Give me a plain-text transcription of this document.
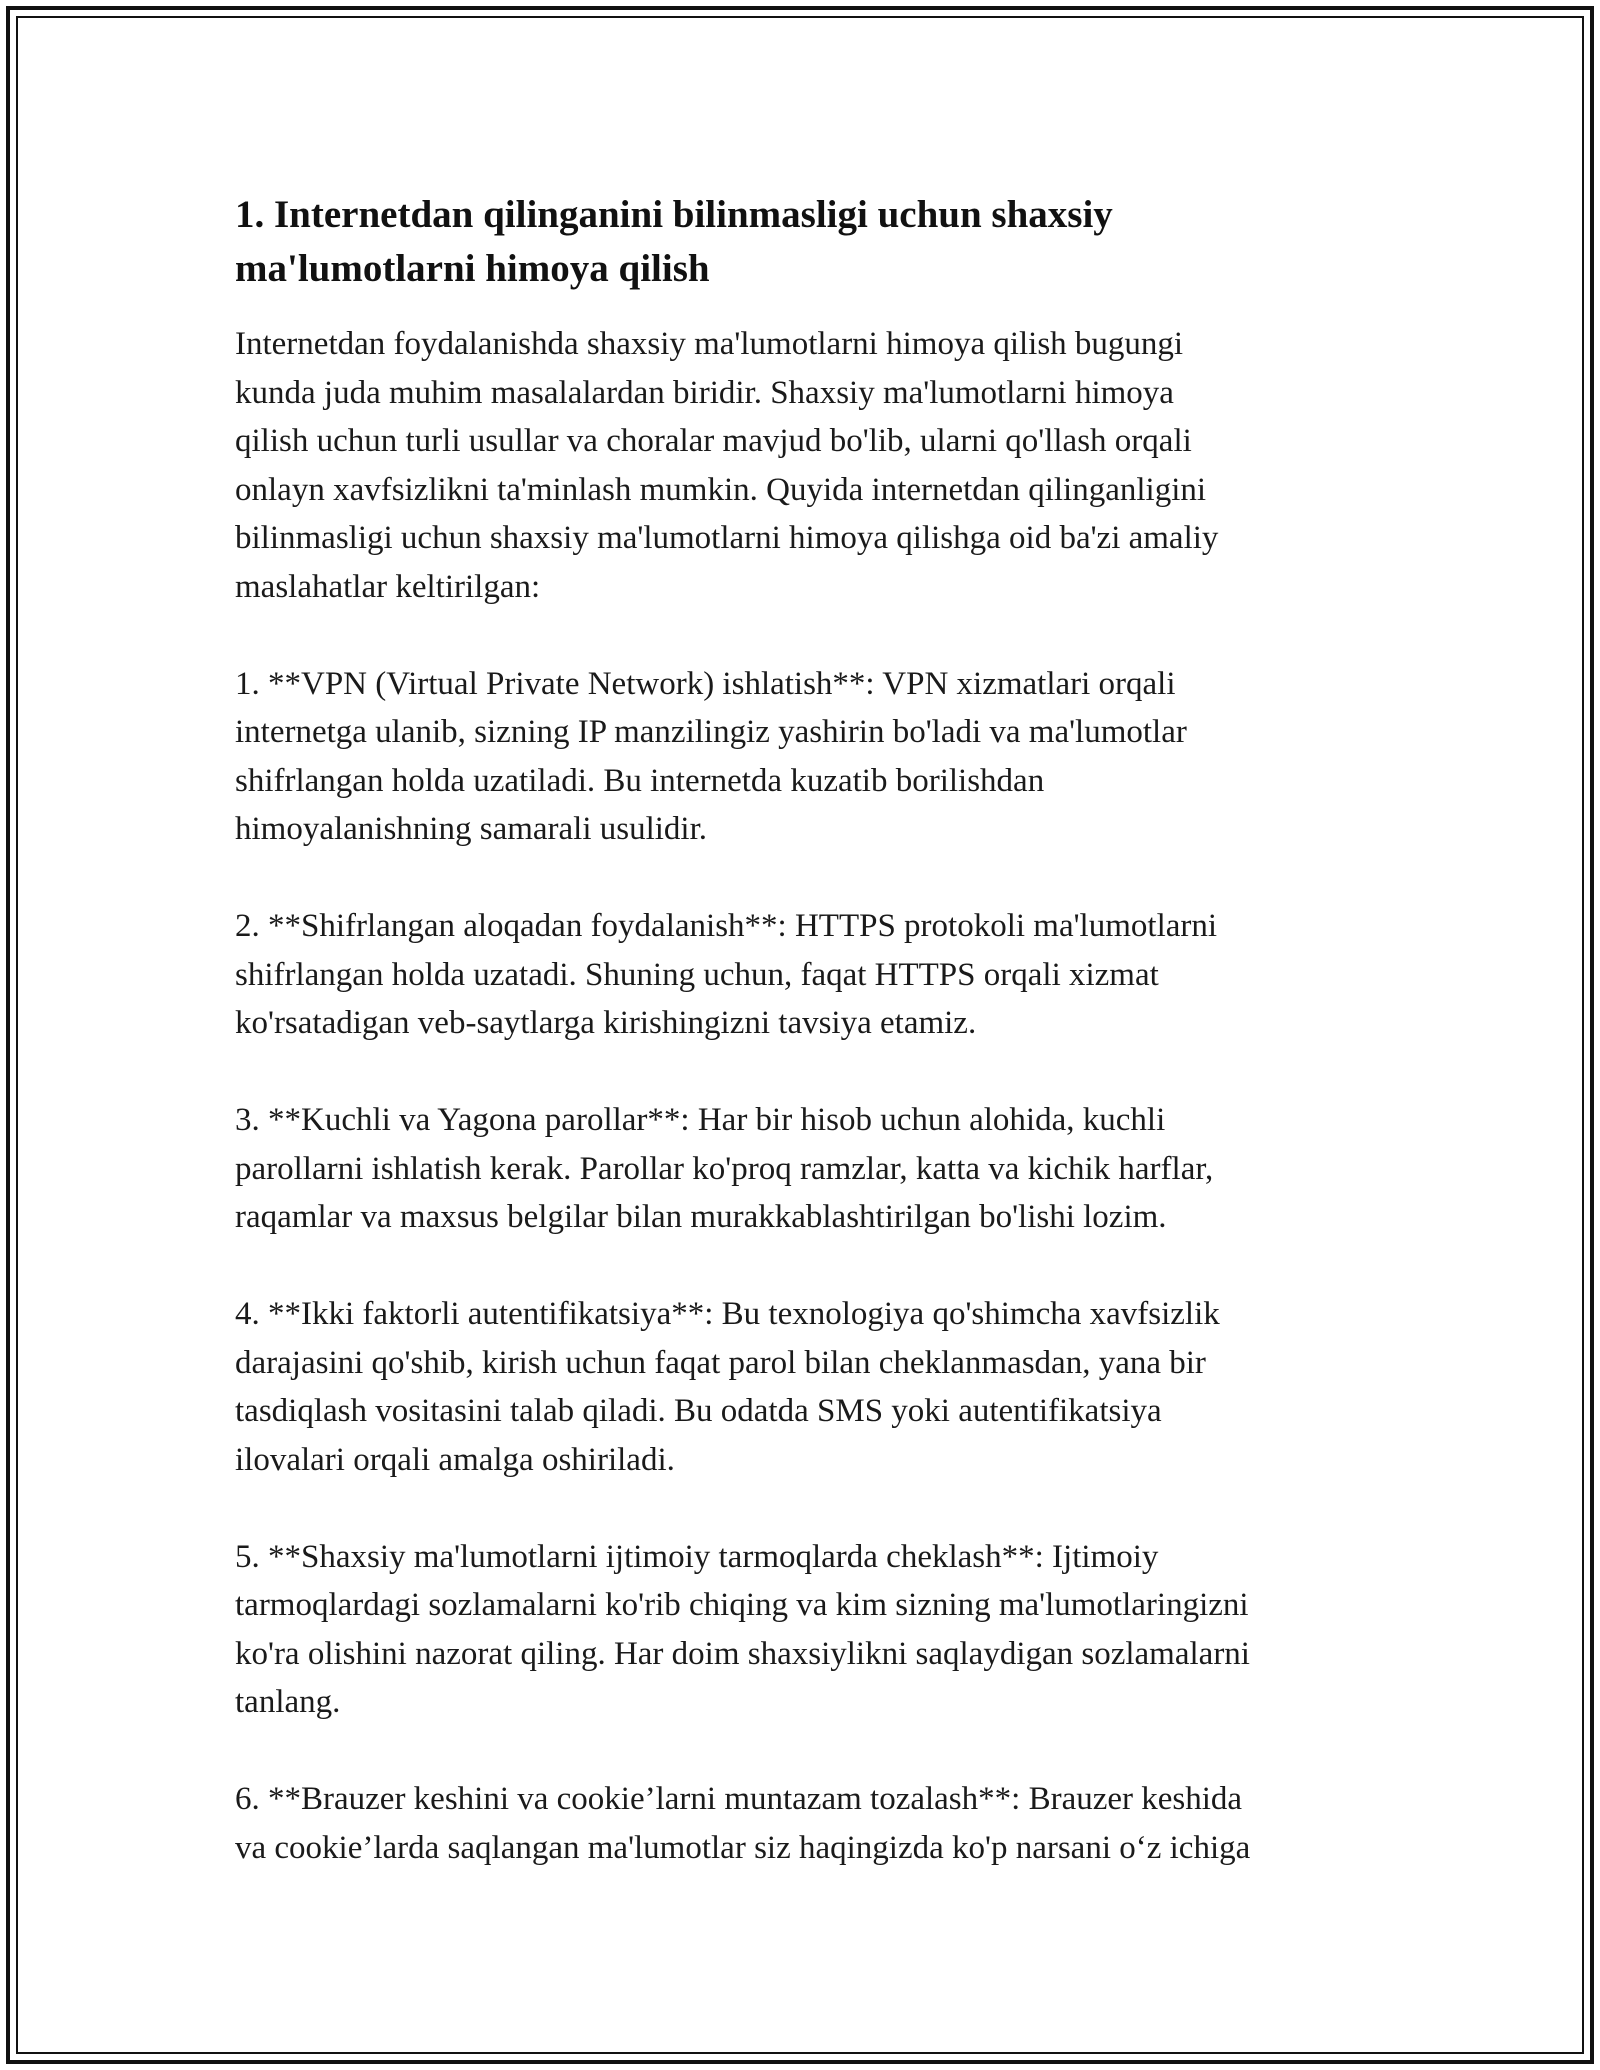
1. Internetdan qilinganini bilinmasligi uchun shaxsiy
ma'lumotlarni himoya qilish
Internetdan foydalanishda shaxsiy ma'lumotlarni himoya qilish bugungi
kunda juda muhim masalalardan biridir. Shaxsiy ma'lumotlarni himoya
qilish uchun turli usullar va choralar mavjud bo'lib, ularni qo'llash orqali
onlayn xavfsizlikni ta'minlash mumkin. Quyida internetdan qilinganligini
bilinmasligi uchun shaxsiy ma'lumotlarni himoya qilishga oid ba'zi amaliy
maslahatlar keltirilgan:
1. **VPN (Virtual Private Network) ishlatish**: VPN xizmatlari orqali
internetga ulanib, sizning IP manzilingiz yashirin bo'ladi va ma'lumotlar
shifrlangan holda uzatiladi. Bu internetda kuzatib borilishdan
himoyalanishning samarali usulidir.
2. **Shifrlangan aloqadan foydalanish**: HTTPS protokoli ma'lumotlarni
shifrlangan holda uzatadi. Shuning uchun, faqat HTTPS orqali xizmat
ko'rsatadigan veb-saytlarga kirishingizni tavsiya etamiz.
3. **Kuchli va Yagona parollar**: Har bir hisob uchun alohida, kuchli
parollarni ishlatish kerak. Parollar ko'proq ramzlar, katta va kichik harflar,
raqamlar va maxsus belgilar bilan murakkablashtirilgan bo'lishi lozim.
4. **Ikki faktorli autentifikatsiya**: Bu texnologiya qo'shimcha xavfsizlik
darajasini qo'shib, kirish uchun faqat parol bilan cheklanmasdan, yana bir
tasdiqlash vositasini talab qiladi. Bu odatda SMS yoki autentifikatsiya
ilovalari orqali amalga oshiriladi.
5. **Shaxsiy ma'lumotlarni ijtimoiy tarmoqlarda cheklash**: Ijtimoiy
tarmoqlardagi sozlamalarni ko'rib chiqing va kim sizning ma'lumotlaringizni
ko'ra olishini nazorat qiling. Har doim shaxsiylikni saqlaydigan sozlamalarni
tanlang.
6. **Brauzer keshini va cookie’larni muntazam tozalash**: Brauzer keshida
va cookie’larda saqlangan ma'lumotlar siz haqingizda ko'p narsani o‘z ichiga
